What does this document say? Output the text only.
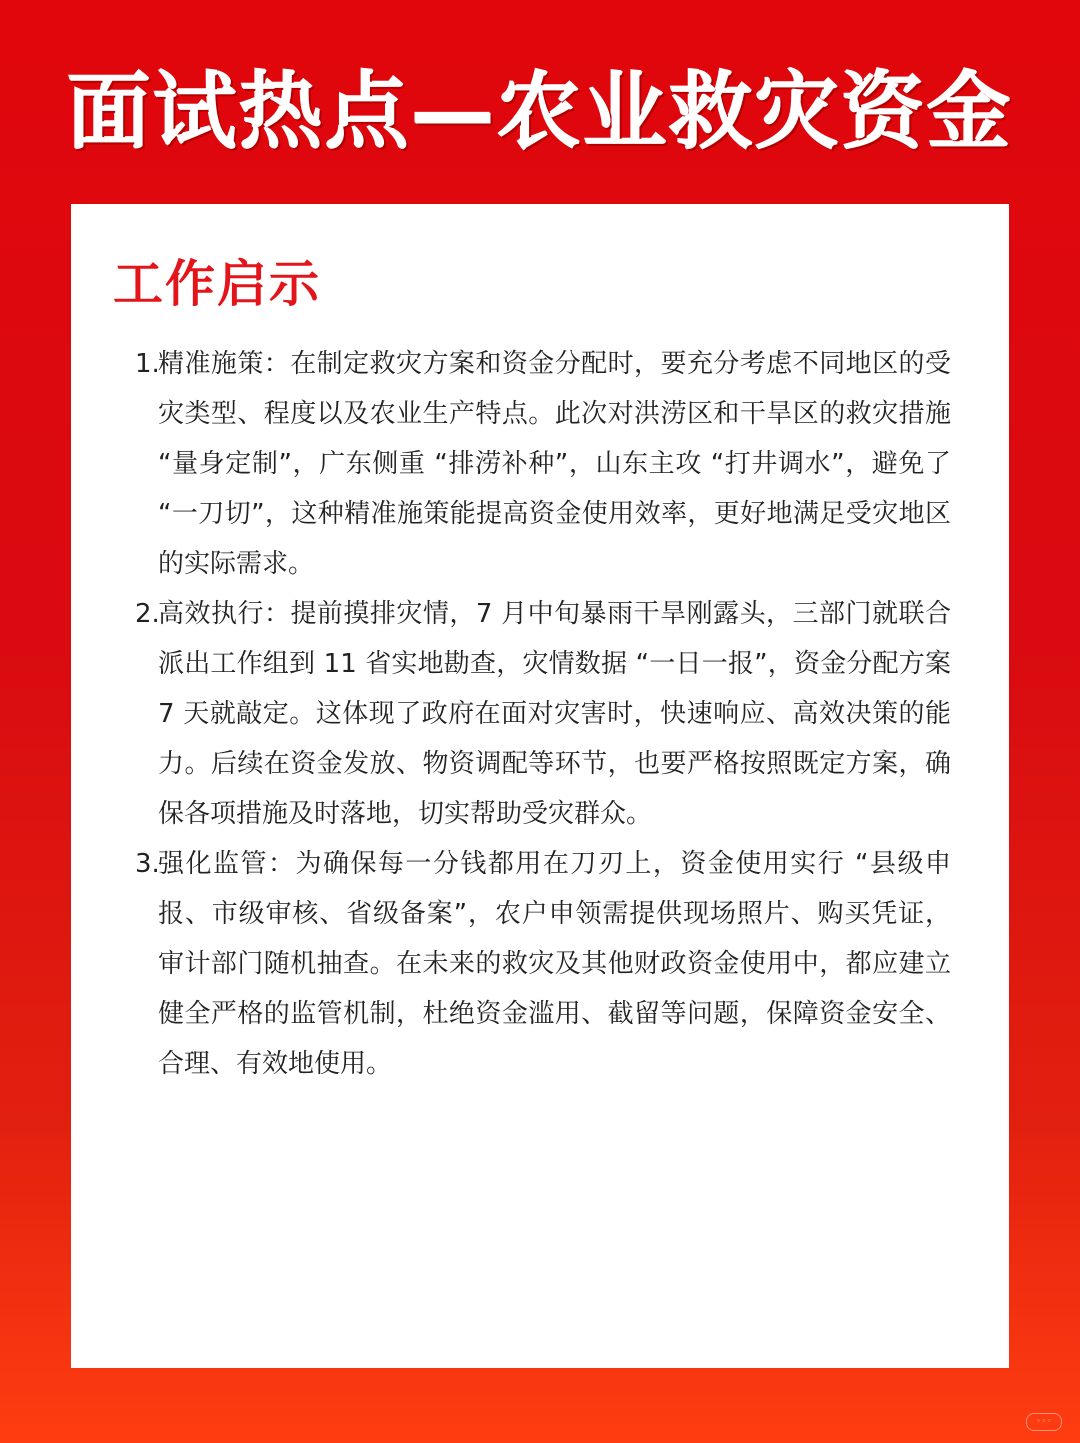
面试热点—农业救灾资金
工作启示
1.
精准施策：在制定救灾方案和资金分配时，要充分考虑不同地区的受灾类型、程度以及农业生产特点。此次对洪涝区和干旱区的救灾措施 “量身定制”，广东侧重 “排涝补种”，山东主攻 “打井调水”，避免了 “一刀切”，这种精准施策能提高资金使用效率，更好地满足受灾地区的实际需求。
2.
高效执行：提前摸排灾情，7 月中旬暴雨干旱刚露头，三部门就联合派出工作组到 11 省实地勘查，灾情数据 “一日一报”，资金分配方案 7 天就敲定。这体现了政府在面对灾害时，快速响应、高效决策的能力。后续在资金发放、物资调配等环节，也要严格按照既定方案，确保各项措施及时落地，切实帮助受灾群众。
3.
强化监管：为确保每一分钱都用在刀刃上，资金使用实行 “县级申报、市级审核、省级备案”，农户申领需提供现场照片、购买凭证，审计部门随机抽查。在未来的救灾及其他财政资金使用中，都应建立健全严格的监管机制，杜绝资金滥用、截留等问题，保障资金安全、合理、有效地使用。
◦◦◦
